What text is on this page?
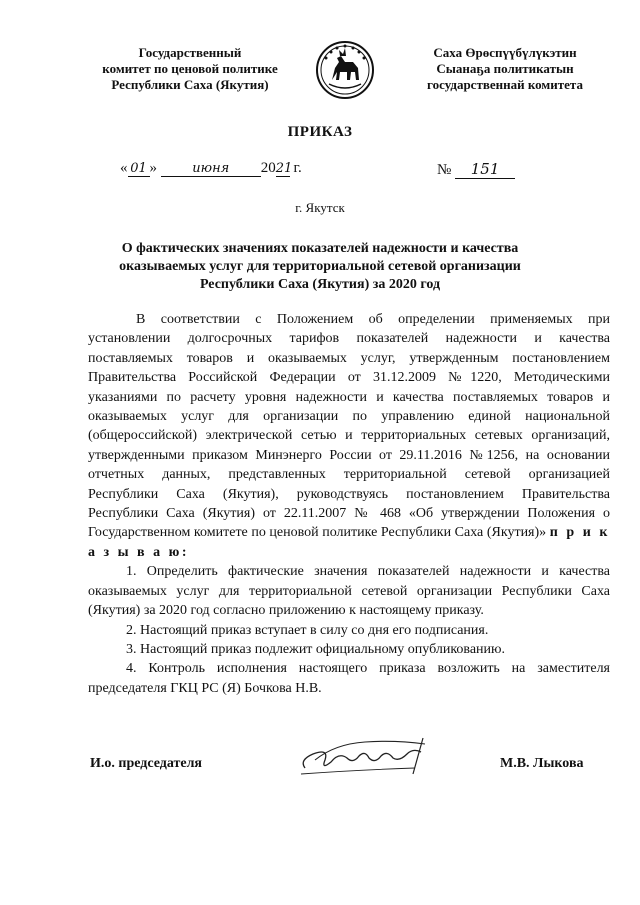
Государственный
комитет по ценовой политике
Республики Саха (Якутия)
Саха Өрөспүүбүлүкэтин
Сыанаҕа политикатын
государственнай комитета
ПРИКАЗ
« 01 »	июня 2021 г.	№ 151
г. Якутск
О фактических значениях показателей надежности и качества оказываемых услуг для территориальной сетевой организации Республики Саха (Якутия) за 2020 год

В соответствии с Положением об определении применяемых при установлении долгосрочных тарифов показателей надежности и качества поставляемых товаров и оказываемых услуг, утвержденным постановлением Правительства Российской Федерации от 31.12.2009 №1220, Методическими указаниями по расчету уровня надежности и качества поставляемых товаров и оказываемых услуг для организации по управлению единой национальной (общероссийской) электрической сетью и территориальных сетевых организаций, утвержденными приказом Минэнерго России от 29.11.2016 №1256, на основании отчетных данных, представленных территориальной сетевой организацией Республики Саха (Якутия), руководствуясь постановлением Правительства Республики Саха (Якутия) от 22.11.2007 № 468 «Об утверждении Положения о Государственном комитете по ценовой политике Республики Саха (Якутия)» п р и к а з ы в а ю:

1. Определить фактические значения показателей надежности и качества оказываемых услуг для территориальной сетевой организации Республики Саха (Якутия) за 2020 год согласно приложению к настоящему приказу.

2. Настоящий приказ вступает в силу со дня его подписания.

3. Настоящий приказ подлежит официальному опубликованию.

4. Контроль исполнения настоящего приказа возложить на заместителя председателя ГКЦ РС (Я) Бочкова Н.В.

И.о. председателя	М.В. Лыкова
